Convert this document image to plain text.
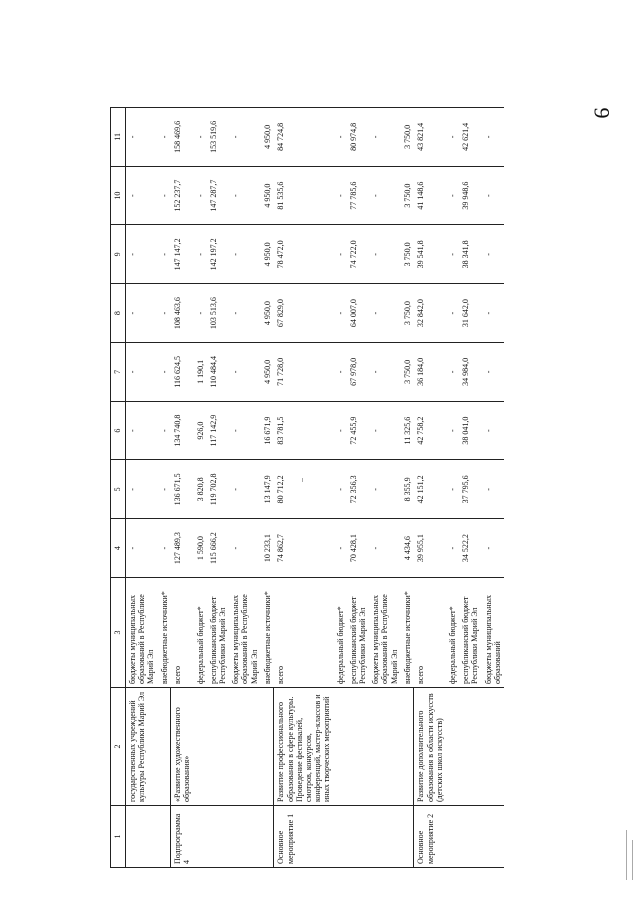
9
1	2	3	4	5	6	7	8	9	10	11
	государственных учреждений культуры Республики Марий Эл	бюджеты муниципальных образований в Республике Марий Эл	-	-	-	-	-	-	-	-
		внебюджетные источники*	-	-	-	-	-	-	-	-
Подпрограмма 4	«Развитие художественного образования»	всего	127 489,3	136 671,5	134 740,8	116 624,5	108 463,6	147 147,2	152 237,7	158 469,6
		федеральный бюджет*	1 590,0	3 820,8	926,0	1 190,1	-	-	-	-
		республиканский бюджет Республики Марий Эл	115 666,2	119 702,8	117 142,9	110 484,4	103 513,6	142 197,2	147 287,7	153 519,6
		бюджеты муниципальных образований в Республике Марий Эл	-	-	-	-	-	-	-	-
		внебюджетные источники*	10 233,1	13 147,9	16 671,9	4 950,0	4 950,0	4 950,0	4 950,0	4 950,0
Основное мероприятие 1	Развитие профессионального образования в сфере культуры. Проведение фестивалей, смотров, конкурсов, конференций, мастер-классов и иных творческих мероприятий	всего	74 862,7	80 712,2	83 781,5	71 728,0	67 829,0	78 472,0	81 535,6	84 724,8
		федеральный бюджет*	-	-	-	-	-	-	-	-
		республиканский бюджет Республики Марий Эл	70 428,1	72 356,3	72 455,9	67 978,0	64 007,0	74 722,0	77 785,6	80 974,8
		бюджеты муниципальных образований в Республике Марий Эл	-	-	-	-	-	-	-	-
		внебюджетные источники*	4 434,6	8 355,9	11 325,6	3 750,0	3 750,0	3 750,0	3 750,0	3 750,0
Основное мероприятие 2	Развитие дополнительного образования в области искусств (детских школ искусств)	всего	39 955,1	42 151,2	42 758,2	36 184,0	32 842,0	39 541,8	41 148,6	43 821,4
		федеральный бюджет*	-	-	-	-	-	-	-	-
		республиканский бюджет Республики Марий Эл	34 522,2	37 795,6	38 041,0	34 984,0	31 642,0	38 341,8	39 948,6	42 621,4
		бюджеты муниципальных образований	-	-	-	-	-	-	-	-
